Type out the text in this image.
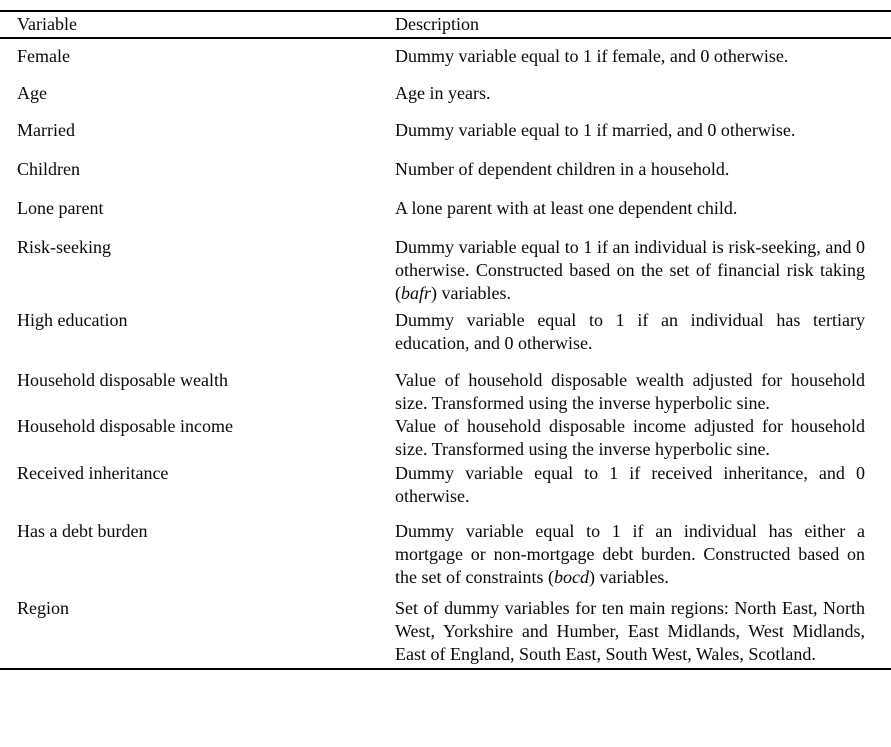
Variable	Description
Female	Dummy variable equal to 1 if female, and 0 otherwise.
Age	Age in years.
Married	Dummy variable equal to 1 if married, and 0 otherwise.
Children	Number of dependent children in a household.
Lone parent	A lone parent with at least one dependent child.
Risk-seeking	Dummy variable equal to 1 if an individual is risk-seeking, and 0 otherwise. Constructed based on the set of financial risk taking (bafr) variables.
High education	Dummy variable equal to 1 if an individual has tertiary education, and 0 otherwise.
Household disposable wealth	Value of household disposable wealth adjusted for household size. Transformed using the inverse hyperbolic sine.
Household disposable income	Value of household disposable income adjusted for household size. Transformed using the inverse hyperbolic sine.
Received inheritance	Dummy variable equal to 1 if received inheritance, and 0 otherwise.
Has a debt burden	Dummy variable equal to 1 if an individual has either a mortgage or non-mortgage debt burden. Constructed based on the set of constraints (bocd) variables.
Region	Set of dummy variables for ten main regions: North East, North West, Yorkshire and Humber, East Midlands, West Midlands, East of England, South East, South West, Wales, Scotland.
